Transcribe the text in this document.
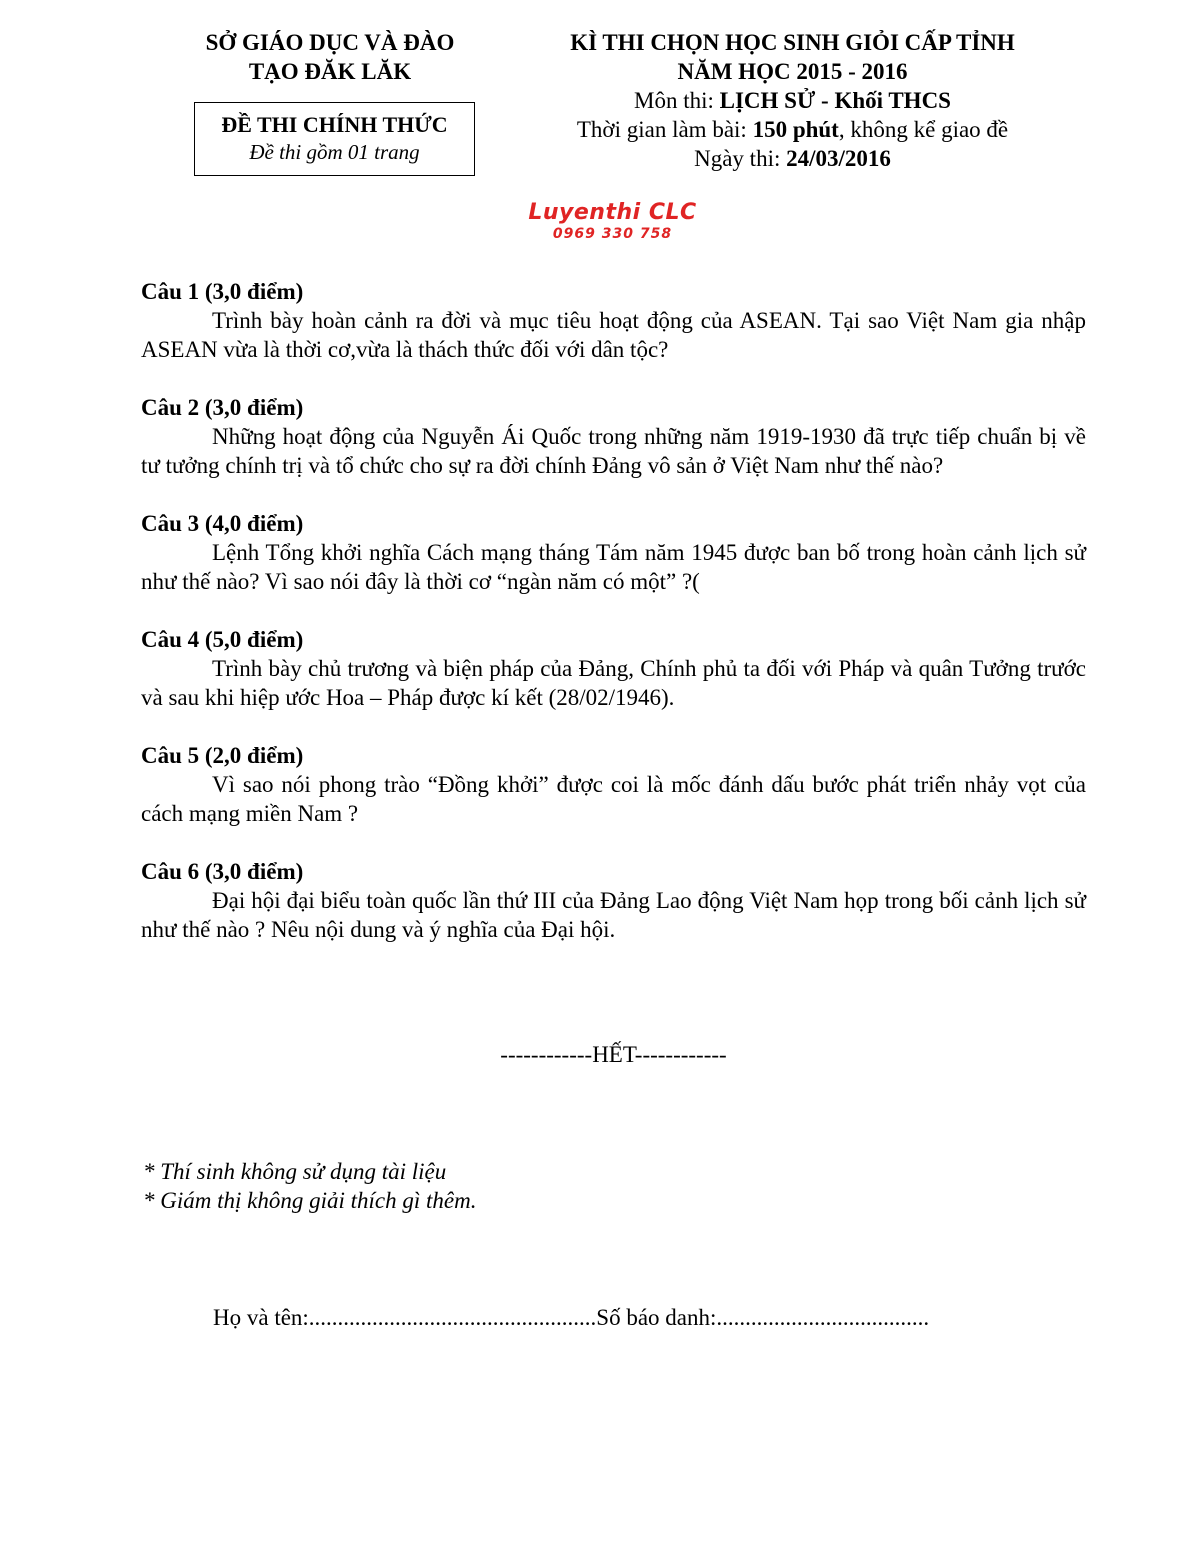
SỞ GIÁO DỤC VÀ ĐÀO
TẠO ĐĂK LĂK
ĐỀ THI CHÍNH THỨC
Đề thi gồm 01 trang
KÌ THI CHỌN HỌC SINH GIỎI CẤP TỈNH
NĂM HỌC 2015 - 2016
Môn thi: LỊCH SỬ - Khối THCS
Thời gian làm bài: 150 phút, không kể giao đề
Ngày thi: 24/03/2016
Luyenthi CLC
0969 330 758
Câu 1 (3,0 điểm)
Trình bày hoàn cảnh ra đời và mục tiêu hoạt động của ASEAN. Tại sao Việt Nam gia nhập ASEAN vừa là thời cơ,vừa là thách thức đối với dân tộc?
Câu 2 (3,0 điểm)
Những hoạt động của Nguyễn Ái Quốc trong những năm 1919-1930 đã trực tiếp chuẩn bị về tư tưởng chính trị và tổ chức cho sự ra đời chính Đảng vô sản ở Việt Nam như thế nào?
Câu 3 (4,0 điểm)
Lệnh Tổng khởi nghĩa Cách mạng tháng Tám năm 1945 được ban bố trong hoàn cảnh lịch sử như thế nào? Vì sao nói đây là thời cơ “ngàn năm có một” ?(
Câu 4 (5,0 điểm)
Trình bày chủ trương và biện pháp của Đảng, Chính phủ ta đối với Pháp và quân Tưởng trước và sau khi hiệp ước Hoa – Pháp được kí kết (28/02/1946).
Câu 5 (2,0 điểm)
Vì sao nói phong trào “Đồng khởi” được coi là mốc đánh dấu bước phát triển nhảy vọt của cách mạng miền Nam ?
Câu 6 (3,0 điểm)
Đại hội đại biểu toàn quốc lần thứ III của Đảng Lao động Việt Nam họp trong bối cảnh lịch sử như thế nào ? Nêu nội dung và ý nghĩa của Đại hội.
------------HẾT------------
* Thí sinh không sử dụng tài liệu
* Giám thị không giải thích gì thêm.
Họ và tên:..................................................Số báo danh:.....................................
